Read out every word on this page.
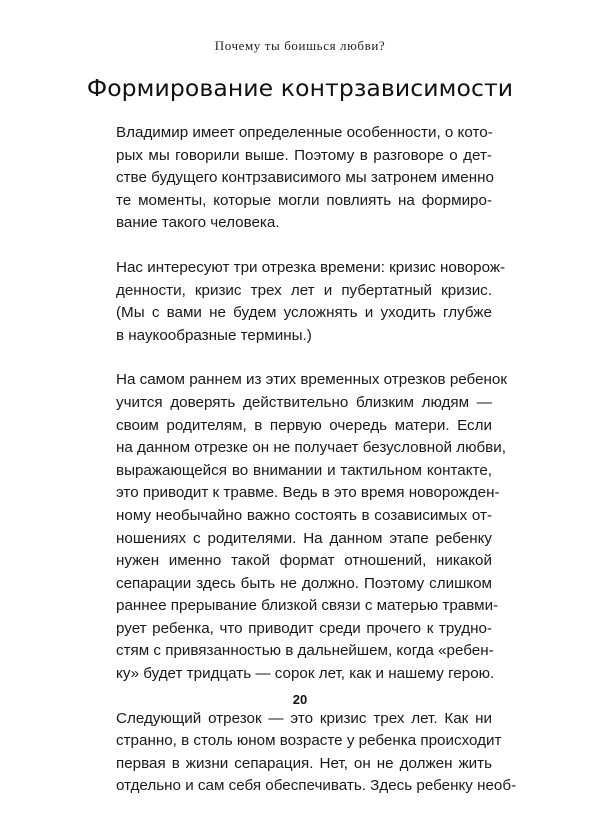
Почему ты боишься любви?
Формирование контрзависимости
Владимир имеет определенные особенности, о кото-
рых мы говорили выше. Поэтому в разговоре о дет-
стве будущего контрзависимого мы затронем именно
те моменты, которые могли повлиять на формиро-
вание такого человека.
Нас интересуют три отрезка времени: кризис новорож-
денности, кризис трех лет и пубертатный кризис.
(Мы с вами не будем усложнять и уходить глубже
в наукообразные термины.)
На самом раннем из этих временных отрезков ребенок
учится доверять действительно близким людям —
своим родителям, в первую очередь матери. Если
на данном отрезке он не получает безусловной любви,
выражающейся во внимании и тактильном контакте,
это приводит к травме. Ведь в это время новорожден-
ному необычайно важно состоять в созависимых от-
ношениях с родителями. На данном этапе ребенку
нужен именно такой формат отношений, никакой
сепарации здесь быть не должно. Поэтому слишком
раннее прерывание близкой связи с матерью травми-
рует ребенка, что приводит среди прочего к трудно-
стям с привязанностью в дальнейшем, когда «ребен-
ку» будет тридцать — сорок лет, как и нашему герою.
Следующий отрезок — это кризис трех лет. Как ни
странно, в столь юном возрасте у ребенка происходит
первая в жизни сепарация. Нет, он не должен жить
отдельно и сам себя обеспечивать. Здесь ребенку необ-
20
